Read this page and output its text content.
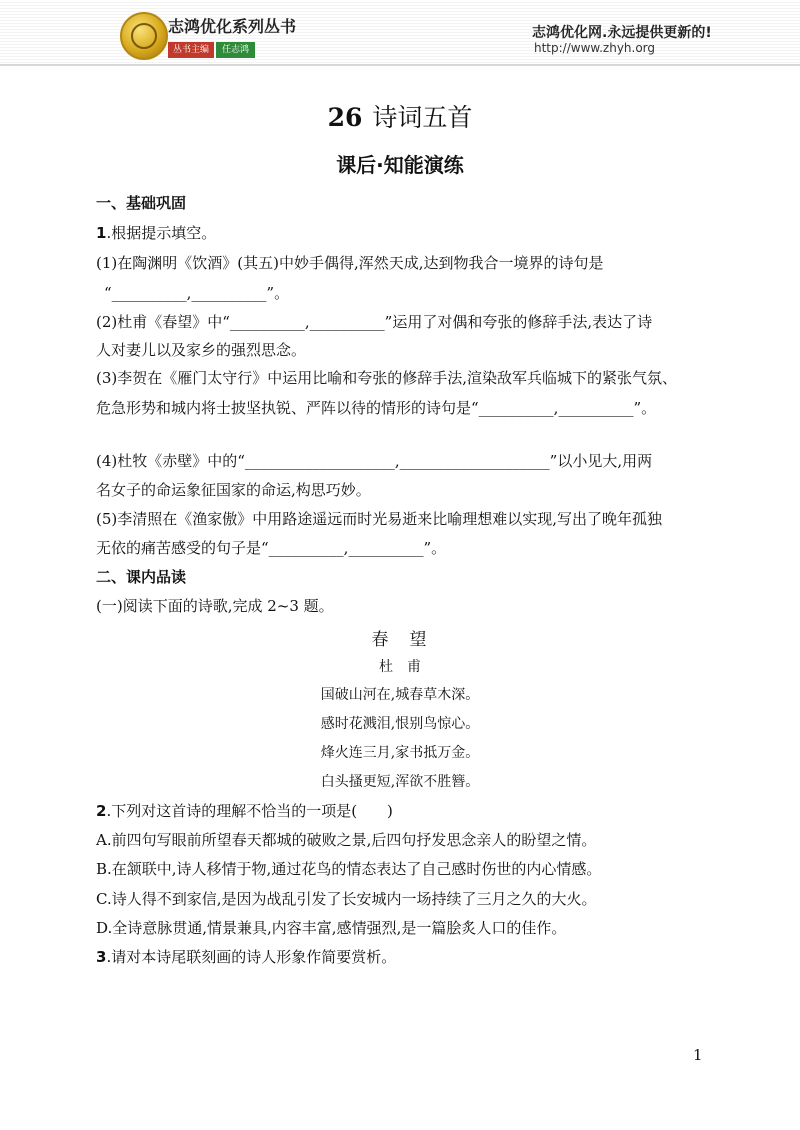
志鸿优化系列丛书
丛书主编 任志鸿
志鸿优化网.永远提供更新的!
http://www.zhyh.org
26 诗词五首
课后·知能演练
一、基础巩固
1.根据提示填空。
(1)在陶渊明《饮酒》(其五)中妙手偶得,浑然天成,达到物我合一境界的诗句是
“__________,__________”。
(2)杜甫《春望》中“__________,__________”运用了对偶和夸张的修辞手法,表达了诗
人对妻儿以及家乡的强烈思念。
(3)李贺在《雁门太守行》中运用比喻和夸张的修辞手法,渲染敌军兵临城下的紧张气氛、
危急形势和城内将士披坚执锐、严阵以待的情形的诗句是“__________,__________”。
(4)杜牧《赤壁》中的“____________________,____________________”以小见大,用两
名女子的命运象征国家的命运,构思巧妙。
(5)李清照在《渔家傲》中用路途遥远而时光易逝来比喻理想难以实现,写出了晚年孤独
无依的痛苦感受的句子是“__________,__________”。
二、课内品读
(一)阅读下面的诗歌,完成 2~3 题。
春　望
杜　甫
国破山河在,城春草木深。
感时花溅泪,恨别鸟惊心。
烽火连三月,家书抵万金。
白头搔更短,浑欲不胜簪。
2.下列对这首诗的理解不恰当的一项是(　　)
A.前四句写眼前所望春天都城的破败之景,后四句抒发思念亲人的盼望之情。
B.在颔联中,诗人移情于物,通过花鸟的情态表达了自己感时伤世的内心情感。
C.诗人得不到家信,是因为战乱引发了长安城内一场持续了三月之久的大火。
D.全诗意脉贯通,情景兼具,内容丰富,感情强烈,是一篇脍炙人口的佳作。
3.请对本诗尾联刻画的诗人形象作简要赏析。
1
